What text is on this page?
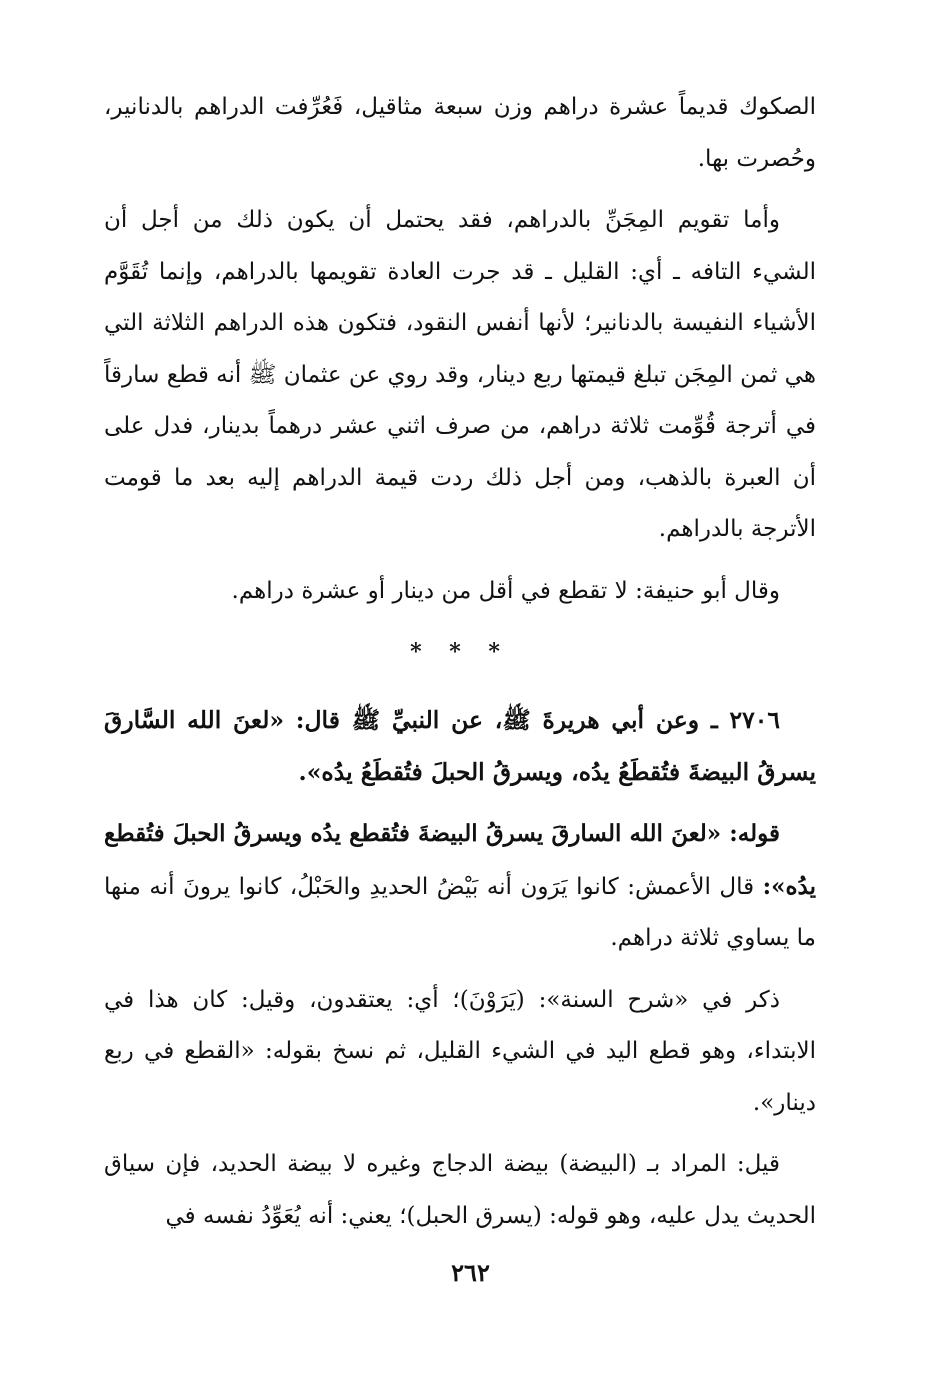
الصكوك قديماً عشرة دراهم وزن سبعة مثاقيل، فَعُرِّفت الدراهم بالدنانير، وحُصرت بها.

وأما تقويم المِجَنِّ بالدراهم، فقد يحتمل أن يكون ذلك من أجل أن الشيء التافه ـ أي: القليل ـ قد جرت العادة تقويمها بالدراهم، وإنما تُقَوَّم الأشياء النفيسة بالدنانير؛ لأنها أنفس النقود، فتكون هذه الدراهم الثلاثة التي هي ثمن المِجَن تبلغ قيمتها ربع دينار، وقد روي عن عثمان ﷺ أنه قطع سارقاً في أترجة قُوِّمت ثلاثة دراهم، من صرف اثني عشر درهماً بدينار، فدل على أن العبرة بالذهب، ومن أجل ذلك ردت قيمة الدراهم إليه بعد ما قومت الأترجة بالدراهم.

وقال أبو حنيفة: لا تقطع في أقل من دينار أو عشرة دراهم.

* * *

٢٧٠٦ ـ وعن أبي هريرةَ ﷺ، عن النبيِّ ﷺ قال: «لعنَ الله السَّارقَ يسرقُ البيضةَ فتُقطَعُ يدُه، ويسرقُ الحبلَ فتُقطَعُ يدُه».

قوله: «لعنَ الله السارقَ يسرقُ البيضةَ فتُقطع يدُه ويسرقُ الحبلَ فتُقطع يدُه»: قال الأعمش: كانوا يَرَون أنه بَيْضُ الحديدِ والحَبْلُ، كانوا يرونَ أنه منها ما يساوي ثلاثة دراهم.

ذكر في «شرح السنة»: (يَرَوْنَ)؛ أي: يعتقدون، وقيل: كان هذا في الابتداء، وهو قطع اليد في الشيء القليل، ثم نسخ بقوله: «القطع في ربع دينار».

قيل: المراد بـ (البيضة) بيضة الدجاج وغيره لا بيضة الحديد، فإن سياق الحديث يدل عليه، وهو قوله: (يسرق الحبل)؛ يعني: أنه يُعَوِّدُ نفسه في

٢٦٢
